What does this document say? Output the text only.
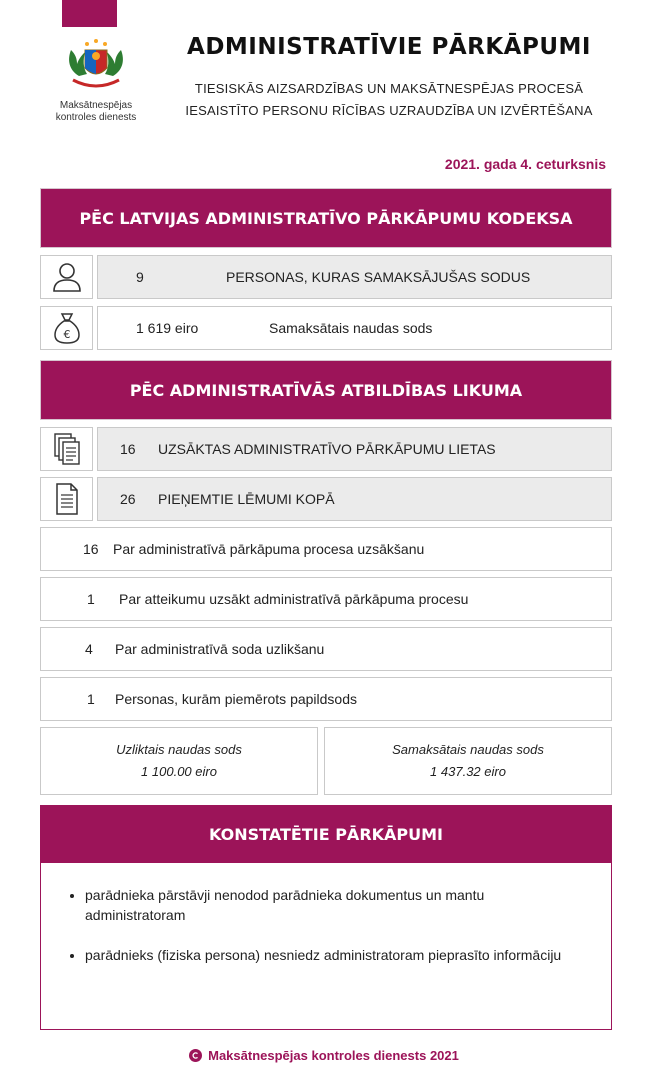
Maksātnespējas
kontroles dienests
ADMINISTRATĪVIE PĀRKĀPUMI
TIESISKĀS AIZSARDZĪBAS UN MAKSĀTNESPĒJAS PROCESĀ
IESAISTĪTO PERSONU RĪCĪBAS UZRAUDZĪBA UN IZVĒRTĒŠANA
2021. gada 4. ceturksnis
PĒC LATVIJAS ADMINISTRATĪVO PĀRKĀPUMU KODEKSA
9	PERSONAS, KURAS SAMAKSĀJUŠAS SODUS
€	1 619 eiro	Samaksātais naudas sods
PĒC ADMINISTRATĪVĀS ATBILDĪBAS LIKUMA
16	UZSĀKTAS ADMINISTRATĪVO PĀRKĀPUMU LIETAS
26	PIEŅEMTIE LĒMUMI KOPĀ
16	Par administratīvā pārkāpuma procesa uzsākšanu
1	Par atteikumu uzsākt administratīvā pārkāpuma procesu
4	Par administratīvā soda uzlikšanu
1	Personas, kurām piemērots papildsods
Uzliktais naudas sods
1 100.00 eiro
Samaksātais naudas sods
1 437.32 eiro
KONSTATĒTIE PĀRKĀPUMI
• parādnieka pārstāvji nenodod parādnieka dokumentus un mantu administratoram
• parādnieks (fiziska persona) nesniedz administratoram pieprasīto informāciju
Maksātnespējas kontroles dienests 2021
